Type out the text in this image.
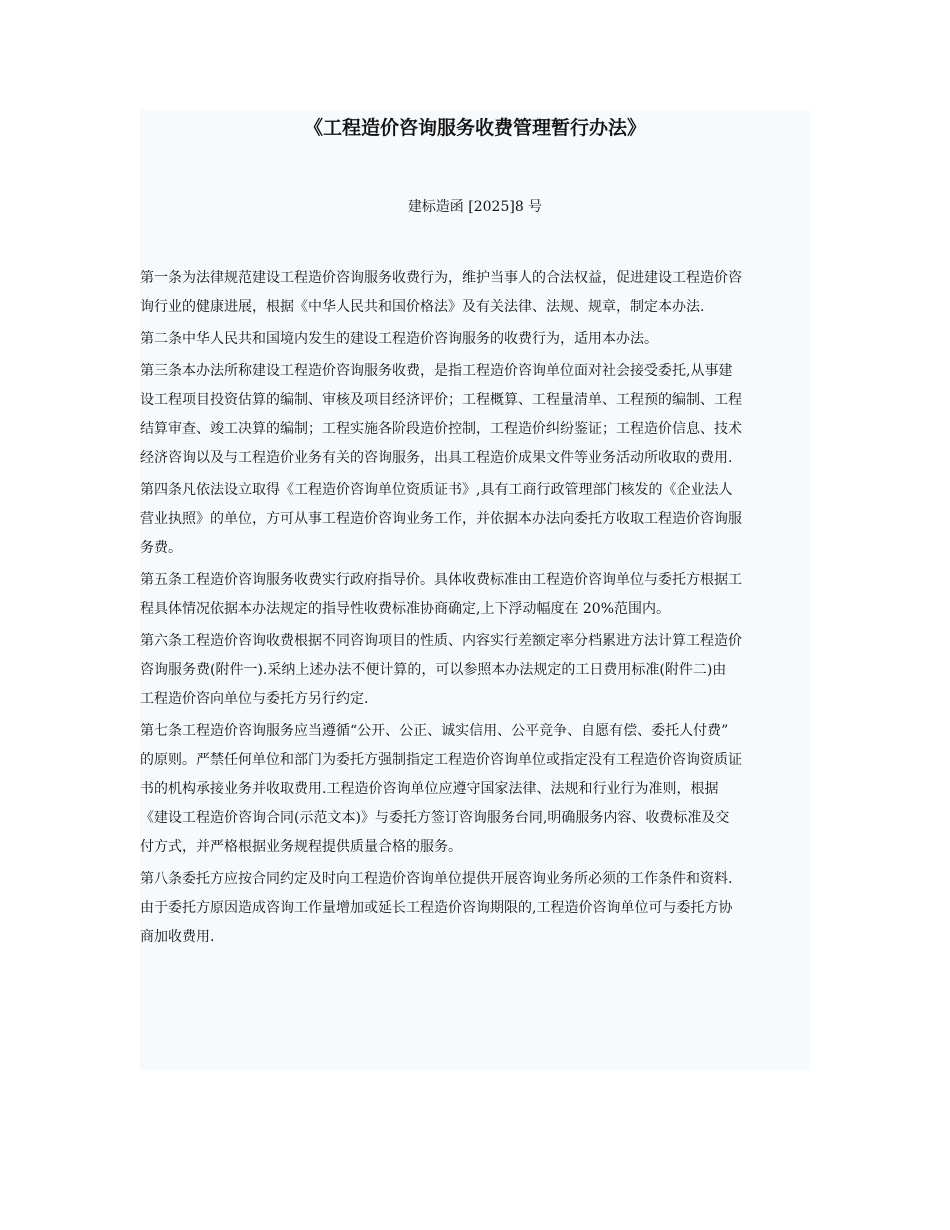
《工程造价咨询服务收费管理暂行办法》

建标造函 [2025]8 号

第一条为法律规范建设工程造价咨询服务收费行为，维护当事人的合法权益，促进建设工程造价咨
询行业的健康进展，根据《中华人民共和国价格法》及有关法律、法规、规章，制定本办法.

第二条中华人民共和国境内发生的建设工程造价咨询服务的收费行为，适用本办法。

第三条本办法所称建设工程造价咨询服务收费，是指工程造价咨询单位面对社会接受委托,从事建
设工程项目投资估算的编制、审核及项目经济评价；工程概算、工程量清单、工程预的编制、工程
结算审查、竣工决算的编制；工程实施各阶段造价控制，工程造价纠纷鉴证；工程造价信息、技术
经济咨询以及与工程造价业务有关的咨询服务，出具工程造价成果文件等业务活动所收取的费用.

第四条凡依法设立取得《工程造价咨询单位资质证书》,具有工商行政管理部门核发的《企业法人
营业执照》的单位，方可从事工程造价咨询业务工作，并依据本办法向委托方收取工程造价咨询服
务费。

第五条工程造价咨询服务收费实行政府指导价。具体收费标准由工程造价咨询单位与委托方根据工
程具体情况依据本办法规定的指导性收费标准协商确定,上下浮动幅度在 20%范围内。

第六条工程造价咨询收费根据不同咨询项目的性质、内容实行差额定率分档累进方法计算工程造价
咨询服务费(附件一).采纳上述办法不便计算的，可以参照本办法规定的工日费用标准(附件二)由
工程造价咨向单位与委托方另行约定.

第七条工程造价咨询服务应当遵循“公开、公正、诚实信用、公平竞争、自愿有偿、委托人付费”
的原则。严禁任何单位和部门为委托方强制指定工程造价咨询单位或指定没有工程造价咨询资质证
书的机构承接业务并收取费用.工程造价咨询单位应遵守国家法律、法规和行业行为准则，根据
《建设工程造价咨询合同(示范文本)》与委托方签订咨询服务台同,明确服务内容、收费标准及交
付方式，并严格根据业务规程提供质量合格的服务。

第八条委托方应按合同约定及时向工程造价咨询单位提供开展咨询业务所必须的工作条件和资料.
由于委托方原因造成咨询工作量增加或延长工程造价咨询期限的,工程造价咨询单位可与委托方协
商加收费用.
